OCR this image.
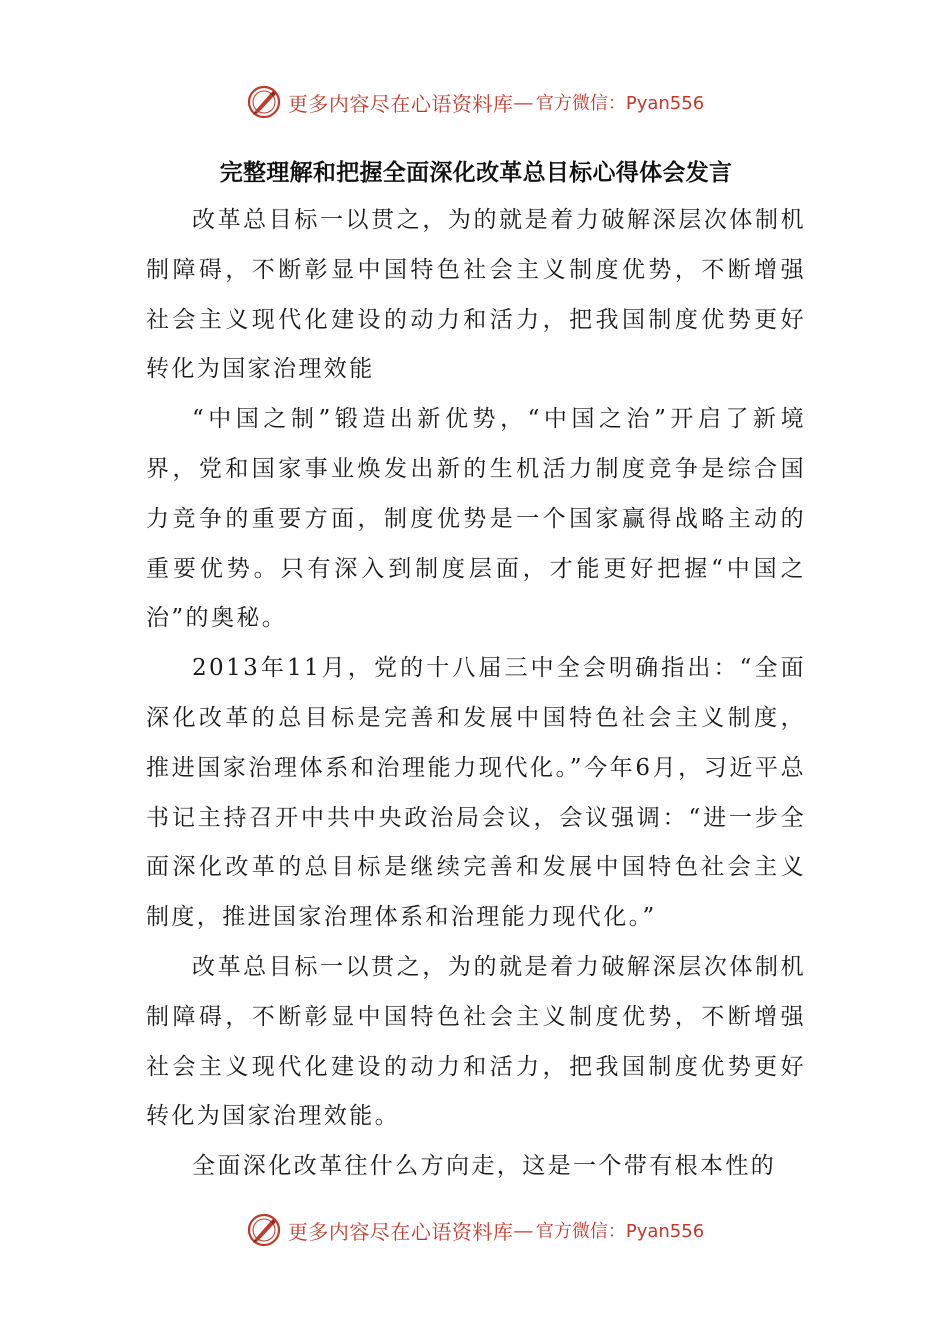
更多内容尽在心语资料库 — 官方微信：Pyan556
完整理解和把握全面深化改革总目标心得体会发言

改革总目标一以贯之，为的就是着力破解深层次体制机制障碍，不断彰显中国特色社会主义制度优势，不断增强社会主义现代化建设的动力和活力，把我国制度优势更好转化为国家治理效能

“中国之制”锻造出新优势，“中国之治”开启了新境界，党和国家事业焕发出新的生机活力制度竞争是综合国力竞争的重要方面，制度优势是一个国家赢得战略主动的重要优势。只有深入到制度层面，才能更好把握“中国之治”的奥秘。

2013年11月，党的十八届三中全会明确指出：“全面深化改革的总目标是完善和发展中国特色社会主义制度，推进国家治理体系和治理能力现代化。”今年6月，习近平总书记主持召开中共中央政治局会议，会议强调：“进一步全面深化改革的总目标是继续完善和发展中国特色社会主义制度，推进国家治理体系和治理能力现代化。”

改革总目标一以贯之，为的就是着力破解深层次体制机制障碍，不断彰显中国特色社会主义制度优势，不断增强社会主义现代化建设的动力和活力，把我国制度优势更好转化为国家治理效能。

全面深化改革往什么方向走，这是一个带有根本性的

更多内容尽在心语资料库 — 官方微信：Pyan556
